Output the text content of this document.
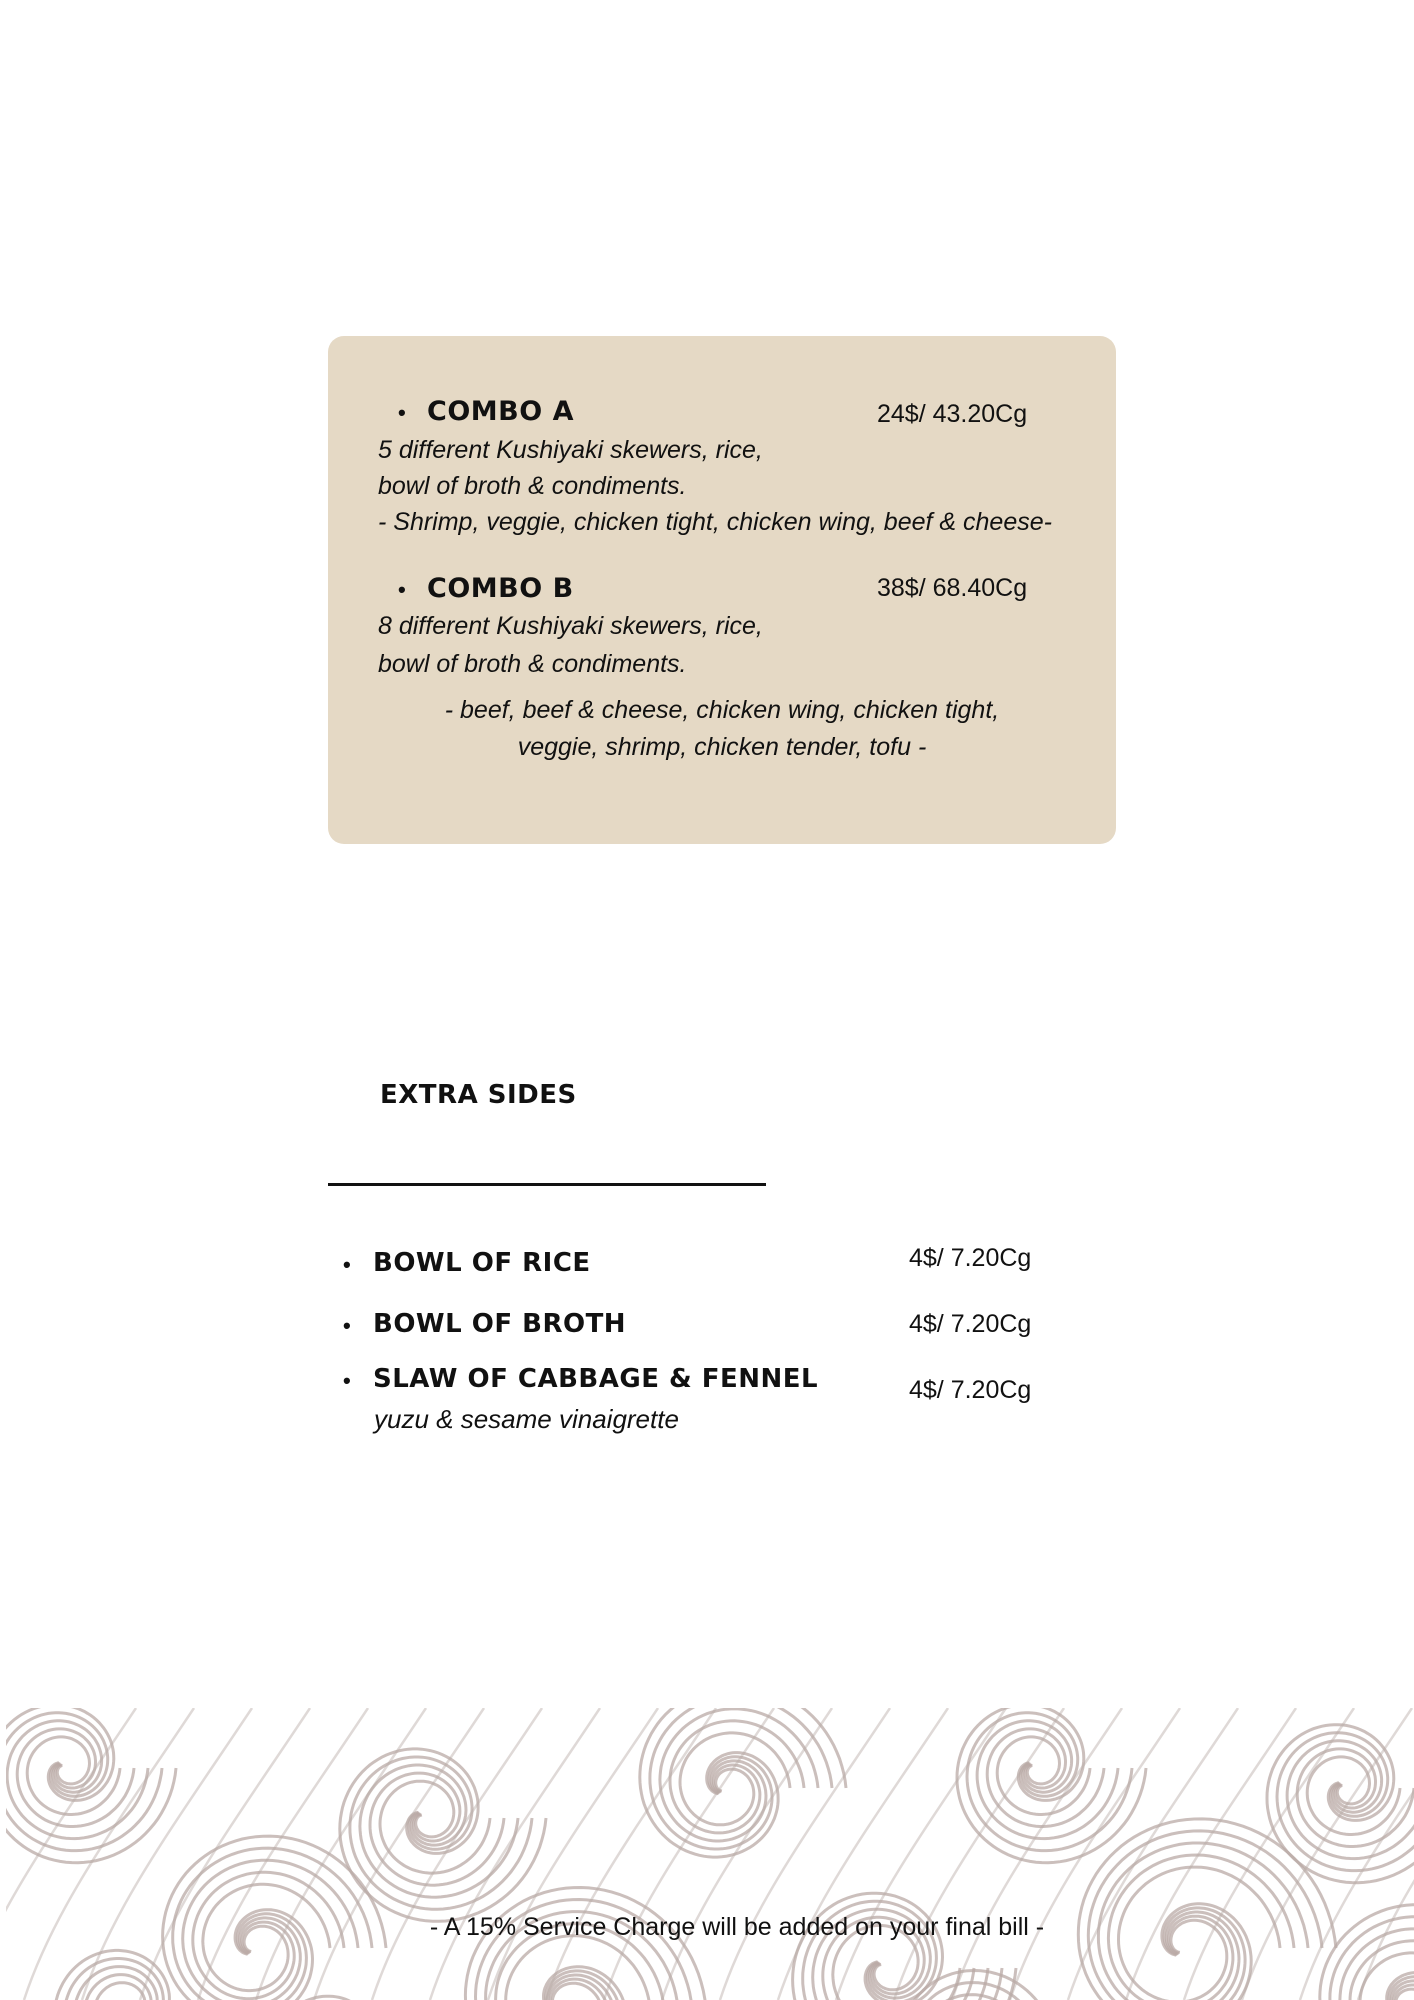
• COMBO A	24$/ 43.20Cg
5 different Kushiyaki skewers, rice,
bowl of broth & condiments.
- Shrimp, veggie, chicken tight, chicken wing, beef & cheese-
• COMBO B	38$/ 68.40Cg
8 different Kushiyaki skewers, rice,
bowl of broth & condiments.
- beef, beef & cheese, chicken wing, chicken tight,
veggie, shrimp, chicken tender, tofu -
EXTRA SIDES
• BOWL OF RICE	4$/ 7.20Cg
• BOWL OF BROTH	4$/ 7.20Cg
• SLAW OF CABBAGE & FENNEL	4$/ 7.20Cg
yuzu & sesame vinaigrette
- A 15% Service Charge will be added on your final bill -
